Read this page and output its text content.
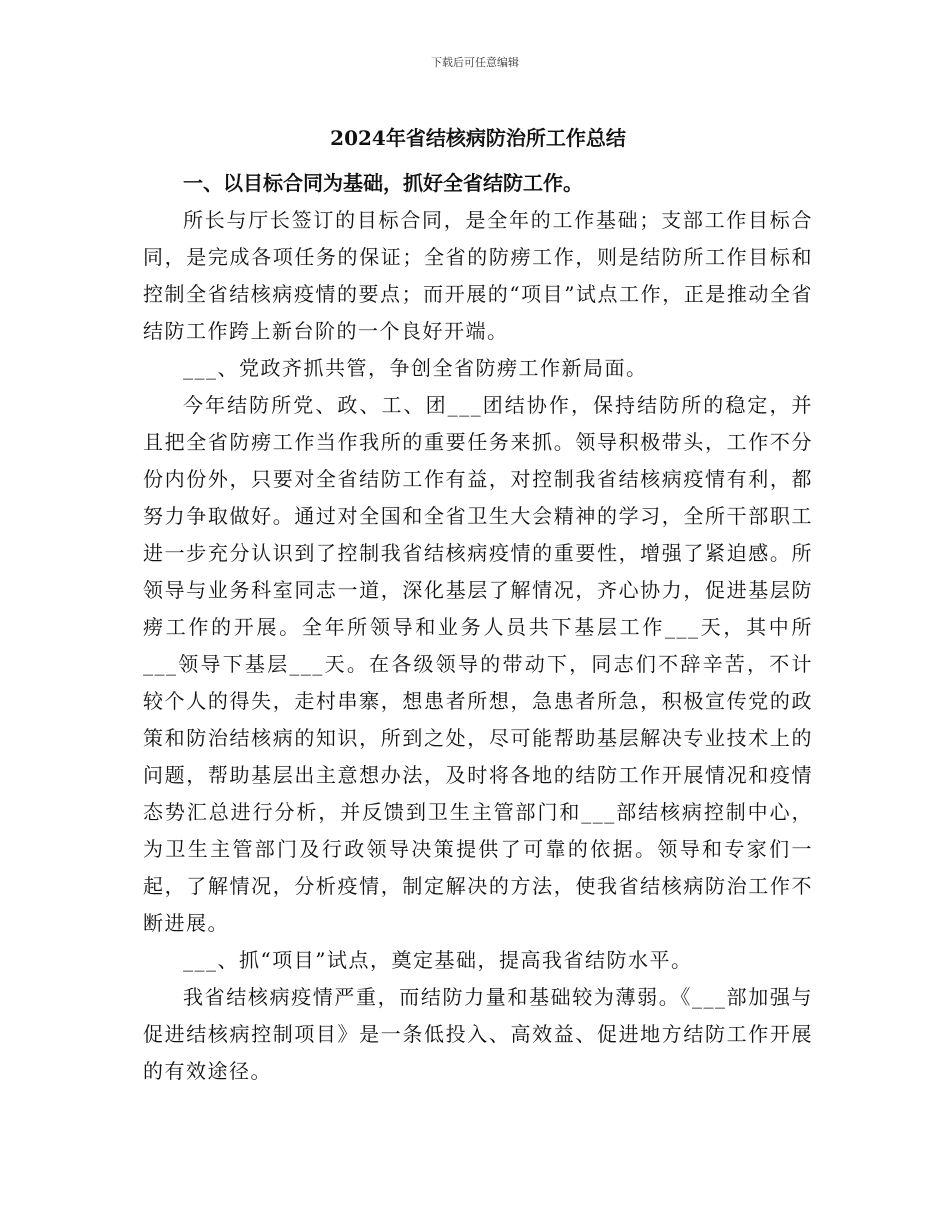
下载后可任意编辑
2024年省结核病防治所工作总结

一、以目标合同为基础，抓好全省结防工作。

所长与厅长签订的目标合同，是全年的工作基础；支部工作目标合同，是完成各项任务的保证；全省的防痨工作，则是结防所工作目标和控制全省结核病疫情的要点；而开展的“项目”试点工作，正是推动全省结防工作跨上新台阶的一个良好开端。

___、党政齐抓共管，争创全省防痨工作新局面。

今年结防所党、政、工、团___团结协作，保持结防所的稳定，并且把全省防痨工作当作我所的重要任务来抓。领导积极带头，工作不分份内份外，只要对全省结防工作有益，对控制我省结核病疫情有利，都努力争取做好。通过对全国和全省卫生大会精神的学习，全所干部职工进一步充分认识到了控制我省结核病疫情的重要性，增强了紧迫感。所领导与业务科室同志一道，深化基层了解情况，齐心协力，促进基层防痨工作的开展。全年所领导和业务人员共下基层工作___天，其中所___领导下基层___天。在各级领导的带动下，同志们不辞辛苦，不计较个人的得失，走村串寨，想患者所想，急患者所急，积极宣传党的政策和防治结核病的知识，所到之处，尽可能帮助基层解决专业技术上的问题，帮助基层出主意想办法，及时将各地的结防工作开展情况和疫情态势汇总进行分析，并反馈到卫生主管部门和___部结核病控制中心，为卫生主管部门及行政领导决策提供了可靠的依据。领导和专家们一起，了解情况，分析疫情，制定解决的方法，使我省结核病防治工作不断进展。

___、抓“项目”试点，奠定基础，提高我省结防水平。

我省结核病疫情严重，而结防力量和基础较为薄弱。《___部加强与促进结核病控制项目》是一条低投入、高效益、促进地方结防工作开展的有效途径。
